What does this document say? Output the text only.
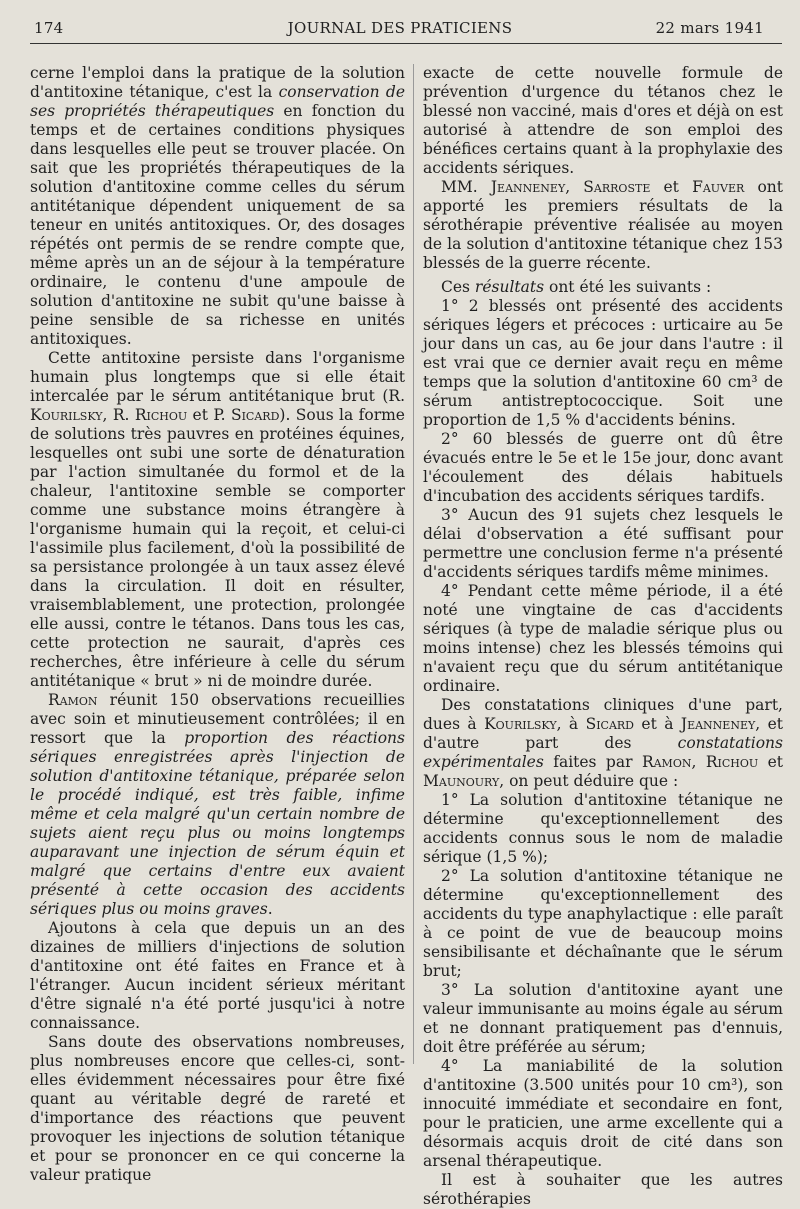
174	JOURNAL DES PRATICIENS	22 mars 1941

cerne l'emploi dans la pratique de la solution d'antitoxine tétanique, c'est la conservation de ses propriétés thérapeutiques en fonction du temps et de certaines conditions physiques dans lesquelles elle peut se trouver placée. On sait que les propriétés thérapeutiques de la solution d'antitoxine comme celles du sérum antitétanique dépendent uniquement de sa teneur en unités antitoxiques. Or, des dosages répétés ont permis de se rendre compte que, même après un an de séjour à la température ordinaire, le contenu d'une ampoule de solution d'antitoxine ne subit qu'une baisse à peine sensible de sa richesse en unités antitoxiques.

Cette antitoxine persiste dans l'organisme humain plus longtemps que si elle était intercalée par le sérum antitétanique brut (R. Kourilsky, R. Richou et P. Sicard). Sous la forme de solutions très pauvres en protéines équines, lesquelles ont subi une sorte de dénaturation par l'action simultanée du formol et de la chaleur, l'antitoxine semble se comporter comme une substance moins étrangère à l'organisme humain qui la reçoit, et celui-ci l'assimile plus facilement, d'où la possibilité de sa persistance prolongée à un taux assez élevé dans la circulation. Il doit en résulter, vraisemblablement, une protection, prolongée elle aussi, contre le tétanos. Dans tous les cas, cette protection ne saurait, d'après ces recherches, être inférieure à celle du sérum antitétanique « brut » ni de moindre durée.

Ramon réunit 150 observations recueillies avec soin et minutieusement contrôlées; il en ressort que la proportion des réactions sériques enregistrées après l'injection de solution d'antitoxine tétanique, préparée selon le procédé indiqué, est très faible, infime même et cela malgré qu'un certain nombre de sujets aient reçu plus ou moins longtemps auparavant une injection de sérum équin et malgré que certains d'entre eux avaient présenté à cette occasion des accidents sériques plus ou moins graves.

Ajoutons à cela que depuis un an des dizaines de milliers d'injections de solution d'antitoxine ont été faites en France et à l'étranger. Aucun incident sérieux méritant d'être signalé n'a été porté jusqu'ici à notre connaissance.

Sans doute des observations nombreuses, plus nombreuses encore que celles-ci, sont-elles évidemment nécessaires pour être fixé quant au véritable degré de rareté et d'importance des réactions que peuvent provoquer les injections de solution tétanique et pour se prononcer en ce qui concerne la valeur pratique

exacte de cette nouvelle formule de prévention d'urgence du tétanos chez le blessé non vacciné, mais d'ores et déjà on est autorisé à attendre de son emploi des bénéfices certains quant à la prophylaxie des accidents sériques.

MM. Jeanneney, Sarroste et Fauver ont apporté les premiers résultats de la sérothérapie préventive réalisée au moyen de la solution d'antitoxine tétanique chez 153 blessés de la guerre récente.

Ces résultats ont été les suivants :

1° 2 blessés ont présenté des accidents sériques légers et précoces : urticaire au 5e jour dans un cas, au 6e jour dans l'autre : il est vrai que ce dernier avait reçu en même temps que la solution d'antitoxine 60 cm³ de sérum antistreptococcique. Soit une proportion de 1,5 % d'accidents bénins.

2° 60 blessés de guerre ont dû être évacués entre le 5e et le 15e jour, donc avant l'écoulement des délais habituels d'incubation des accidents sériques tardifs.

3° Aucun des 91 sujets chez lesquels le délai d'observation a été suffisant pour permettre une conclusion ferme n'a présenté d'accidents sériques tardifs même minimes.

4° Pendant cette même période, il a été noté une vingtaine de cas d'accidents sériques (à type de maladie sérique plus ou moins intense) chez les blessés témoins qui n'avaient reçu que du sérum antitétanique ordinaire.

Des constatations cliniques d'une part, dues à Kourilsky, à Sicard et à Jeanneney, et d'autre part des constatations expérimentales faites par Ramon, Richou et Maunoury, on peut déduire que :

1° La solution d'antitoxine tétanique ne détermine qu'exceptionnellement des accidents connus sous le nom de maladie sérique (1,5 %);

2° La solution d'antitoxine tétanique ne détermine qu'exceptionnellement des accidents du type anaphylactique : elle paraît à ce point de vue de beaucoup moins sensibilisante et déchaînante que le sérum brut;

3° La solution d'antitoxine ayant une valeur immunisante au moins égale au sérum et ne donnant pratiquement pas d'ennuis, doit être préférée au sérum;

4° La maniabilité de la solution d'antitoxine (3.500 unités pour 10 cm³), son innocuité immédiate et secondaire en font, pour le praticien, une arme excellente qui a désormais acquis droit de cité dans son arsenal thérapeutique.

Il est à souhaiter que les autres sérothérapies
